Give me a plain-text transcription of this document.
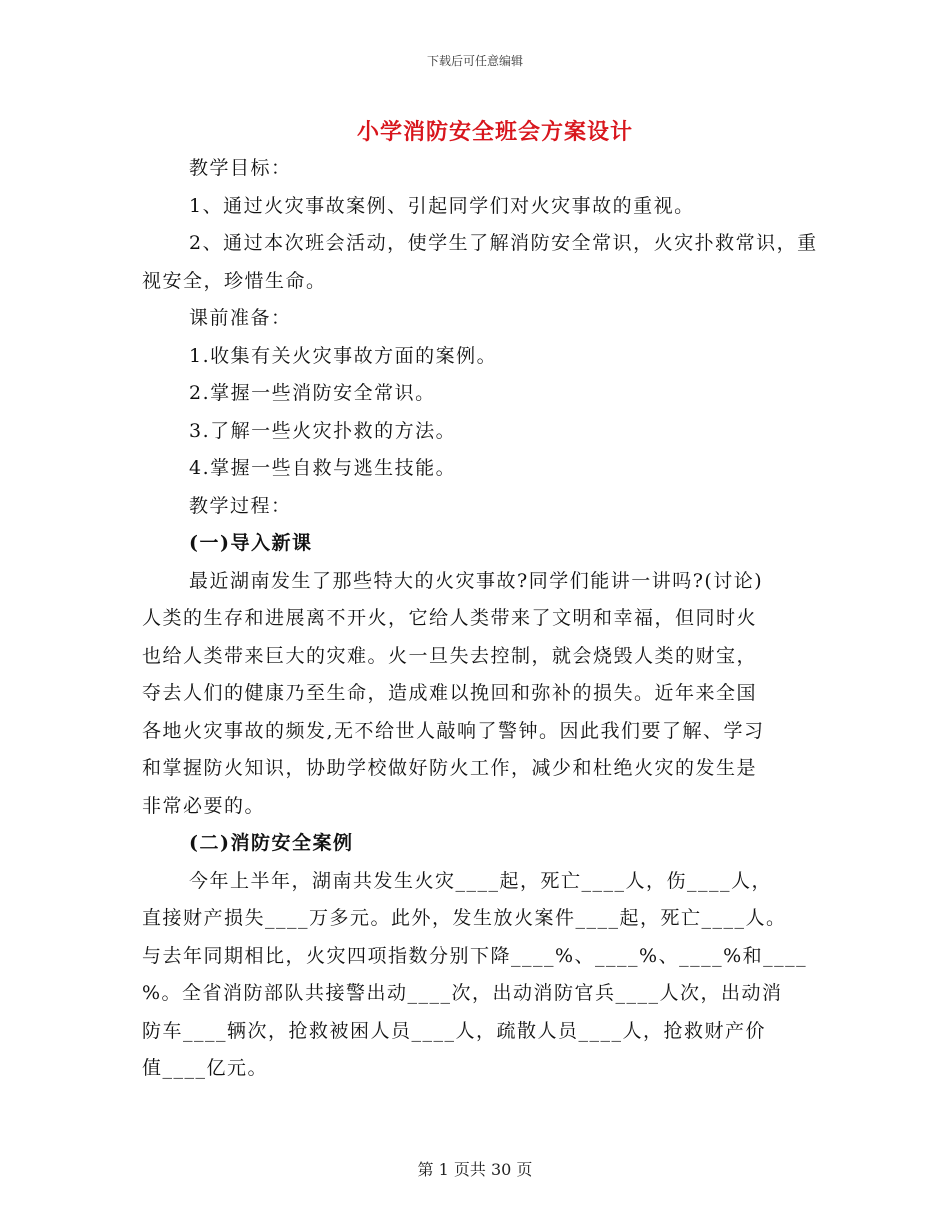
下载后可任意编辑
小学消防安全班会方案设计

教学目标：

1、通过火灾事故案例、引起同学们对火灾事故的重视。

2、通过本次班会活动，使学生了解消防安全常识，火灾扑救常识，重视安全，珍惜生命。

课前准备：

1.收集有关火灾事故方面的案例。

2.掌握一些消防安全常识。

3.了解一些火灾扑救的方法。

4.掌握一些自救与逃生技能。

教学过程：

(一)导入新课

最近湖南发生了那些特大的火灾事故?同学们能讲一讲吗?(讨论)

人类的生存和进展离不开火，它给人类带来了文明和幸福，但同时火

也给人类带来巨大的灾难。火一旦失去控制，就会烧毁人类的财宝，

夺去人们的健康乃至生命，造成难以挽回和弥补的损失。近年来全国

各地火灾事故的频发,无不给世人敲响了警钟。因此我们要了解、学习

和掌握防火知识，协助学校做好防火工作，减少和杜绝火灾的发生是

非常必要的。

(二)消防安全案例

今年上半年，湖南共发生火灾____起，死亡____人，伤____人，

直接财产损失____万多元。此外，发生放火案件____起，死亡____人。

与去年同期相比，火灾四项指数分别下降____%、____%、____%和____

%。全省消防部队共接警出动____次，出动消防官兵____人次，出动消

防车____辆次，抢救被困人员____人，疏散人员____人，抢救财产价

值____亿元。

第 1 页共 30 页
